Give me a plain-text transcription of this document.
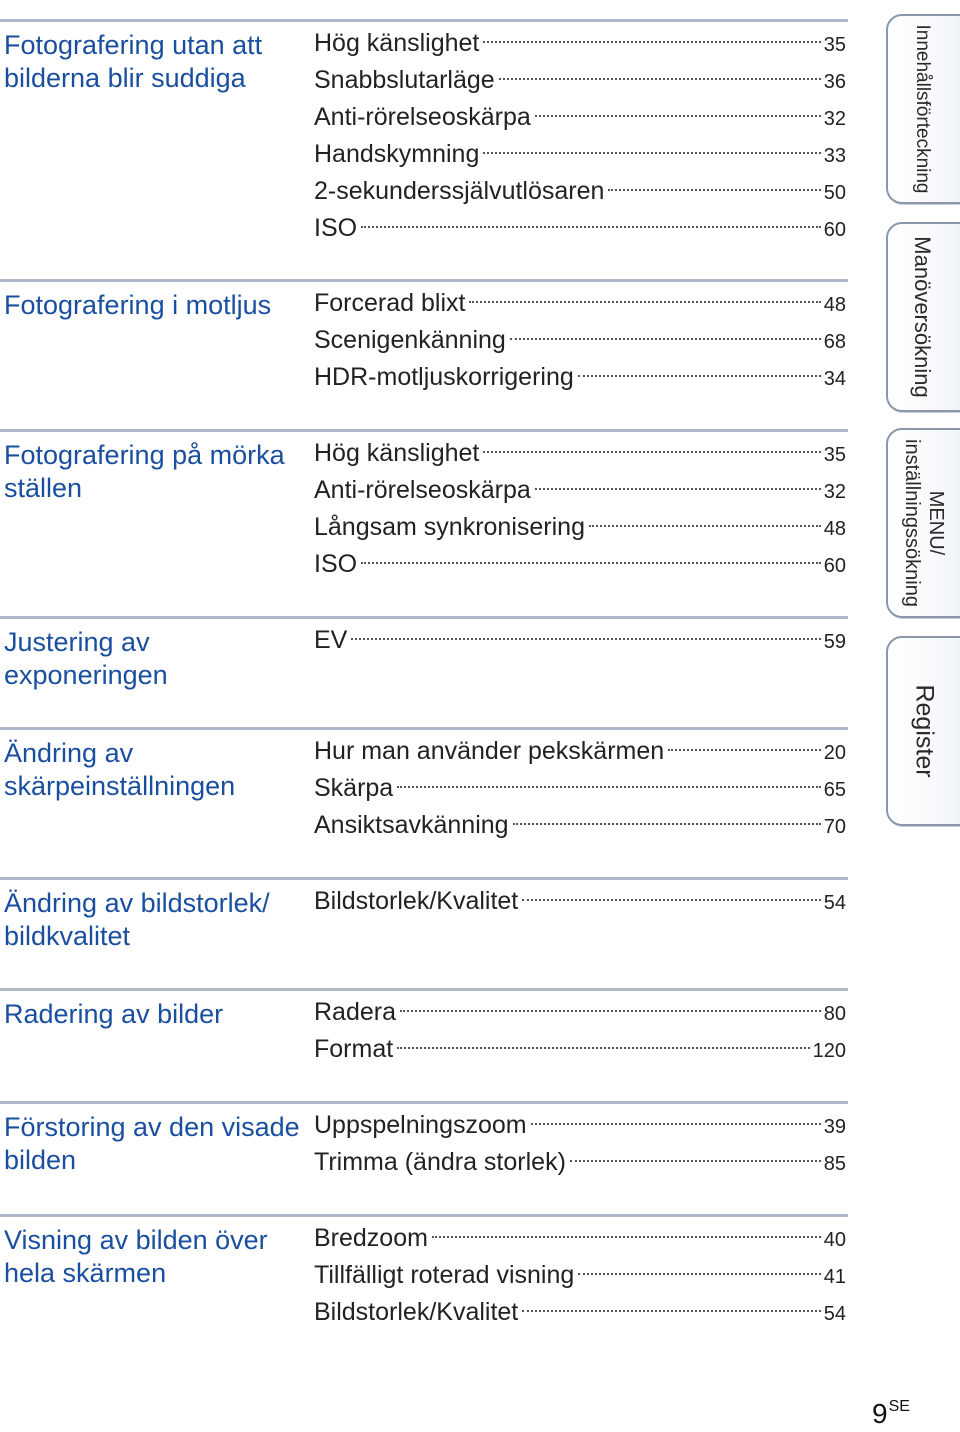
Fotografering utan att bilderna blir suddiga
Hög känslighet	35
Snabbslutarläge	36
Anti-rörelseoskärpa	32
Handskymning	33
2-sekunderssjälvutlösaren	50
ISO	60
Fotografering i motljus	Forcerad blixt	48
Scenigenkänning	68
HDR-motljuskorrigering	34
Fotografering på mörka ställen
Hög känslighet	35
Anti-rörelseoskärpa	32
Långsam synkronisering	48
ISO	60
Justering av exponeringen
EV	59
Ändring av skärpeinställningen
Hur man använder pekskärmen	20
Skärpa	65
Ansiktsavkänning	70
Ändring av bildstorlek/ bildkvalitet
Bildstorlek/Kvalitet	54
Radering av bilder	Radera	80
Format	120
Förstoring av den visade bilden
Uppspelningszoom	39
Trimma (ändra storlek)	85
Visning av bilden över hela skärmen
Bredzoom	40
Tillfälligt roterad visning	41
Bildstorlek/Kvalitet	54
Innehållsförteckning
Manöversökning
MENU/
inställningssökning
Register
$9^{SE}$
